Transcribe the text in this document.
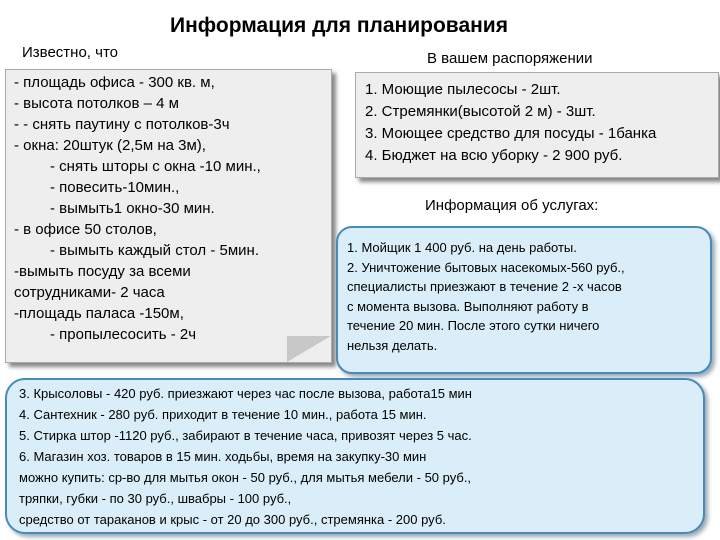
Информация для планирования
Известно, что	В вашем распоряжении
- площадь офиса - 300 кв. м,
- высота потолков – 4 м
- - снять паутину с потолков-3ч
- окна: 20штук (2,5м на 3м),
- снять шторы с окна -10 мин.,
- повесить-10мин.,
- вымыть1 окно-30 мин.
- в офисе 50 столов,
- вымыть каждый стол - 5мин.
-вымыть посуду за всеми
сотрудниками- 2 часа
-площадь паласа -150м,
- пропылесосить - 2ч
1. Моющие пылесосы - 2шт.
2. Стремянки(высотой 2 м) - 3шт.
3. Моющее средство для посуды - 1банка
4. Бюджет на всю уборку - 2 900 руб.
Информация об услугах:
1. Мойщик 1 400 руб. на день работы.
2. Уничтожение бытовых насекомых-560 руб.,
специалисты приезжают в течение 2 -х часов
с момента вызова. Выполняют работу в
течение 20 мин. После этого сутки ничего
нельзя делать.
3. Крысоловы - 420 руб. приезжают через час после вызова, работа15 мин
4. Сантехник - 280 руб. приходит в течение 10 мин., работа 15 мин.
5. Стирка штор -1120 руб., забирают в течение часа, привозят через 5 час.
6. Магазин хоз. товаров в 15 мин. ходьбы, время на закупку-30 мин
можно купить: ср-во для мытья окон - 50 руб., для мытья мебели - 50 руб.,
тряпки, губки - по 30 руб., швабры - 100 руб.,
средство от тараканов и крыс - от 20 до 300 руб., стремянка - 200 руб.
